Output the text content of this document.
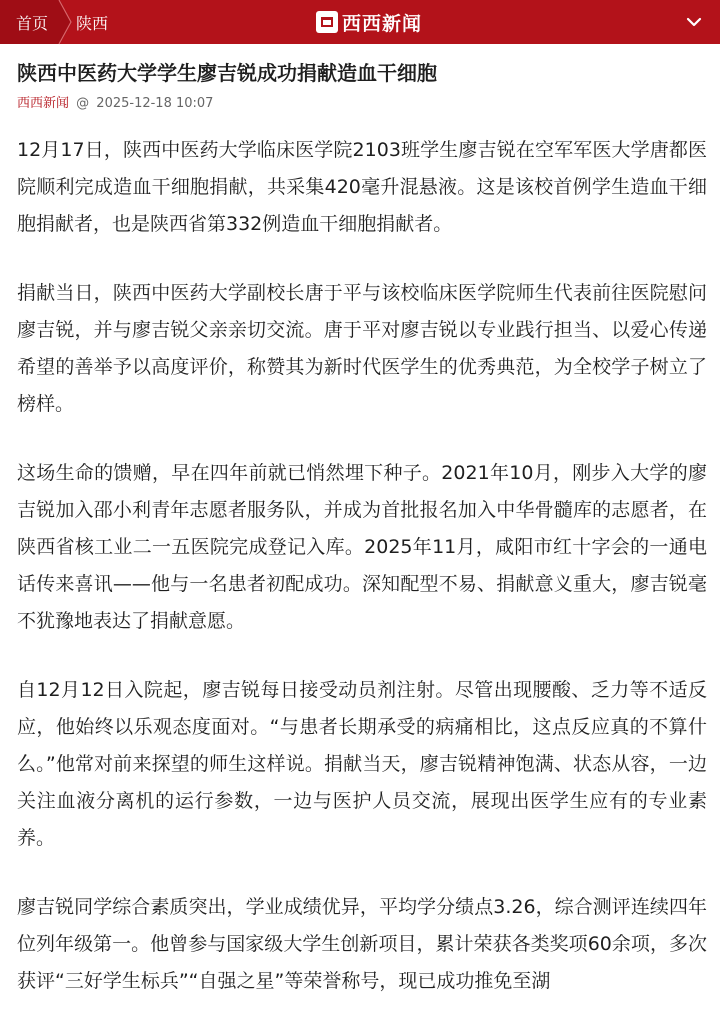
首页 陕西	西西新闻
陕西中医药大学学生廖吉锐成功捐献造血干细胞
西西新闻 @ 2025-12-18 10:07

12月17日，陕西中医药大学临床医学院2103班学生廖吉锐在空军军医大学唐都医院顺利完成造血干细胞捐献，共采集420毫升混悬液。这是该校首例学生造血干细胞捐献者，也是陕西省第332例造血干细胞捐献者。

捐献当日，陕西中医药大学副校长唐于平与该校临床医学院师生代表前往医院慰问廖吉锐，并与廖吉锐父亲亲切交流。唐于平对廖吉锐以专业践行担当、以爱心传递希望的善举予以高度评价，称赞其为新时代医学生的优秀典范，为全校学子树立了榜样。

这场生命的馈赠，早在四年前就已悄然埋下种子。2021年10月，刚步入大学的廖吉锐加入邵小利青年志愿者服务队，并成为首批报名加入中华骨髓库的志愿者，在陕西省核工业二一五医院完成登记入库。2025年11月，咸阳市红十字会的一通电话传来喜讯——他与一名患者初配成功。深知配型不易、捐献意义重大，廖吉锐毫不犹豫地表达了捐献意愿。

自12月12日入院起，廖吉锐每日接受动员剂注射。尽管出现腰酸、乏力等不适反应，他始终以乐观态度面对。“与患者长期承受的病痛相比，这点反应真的不算什么。”他常对前来探望的师生这样说。捐献当天，廖吉锐精神饱满、状态从容，一边关注血液分离机的运行参数，一边与医护人员交流，展现出医学生应有的专业素养。

廖吉锐同学综合素质突出，学业成绩优异，平均学分绩点3.26，综合测评连续四年位列年级第一。他曾参与国家级大学生创新项目，累计荣获各类奖项60余项，多次获评“三好学生标兵”“自强之星”等荣誉称号，现已成功推免至湖
